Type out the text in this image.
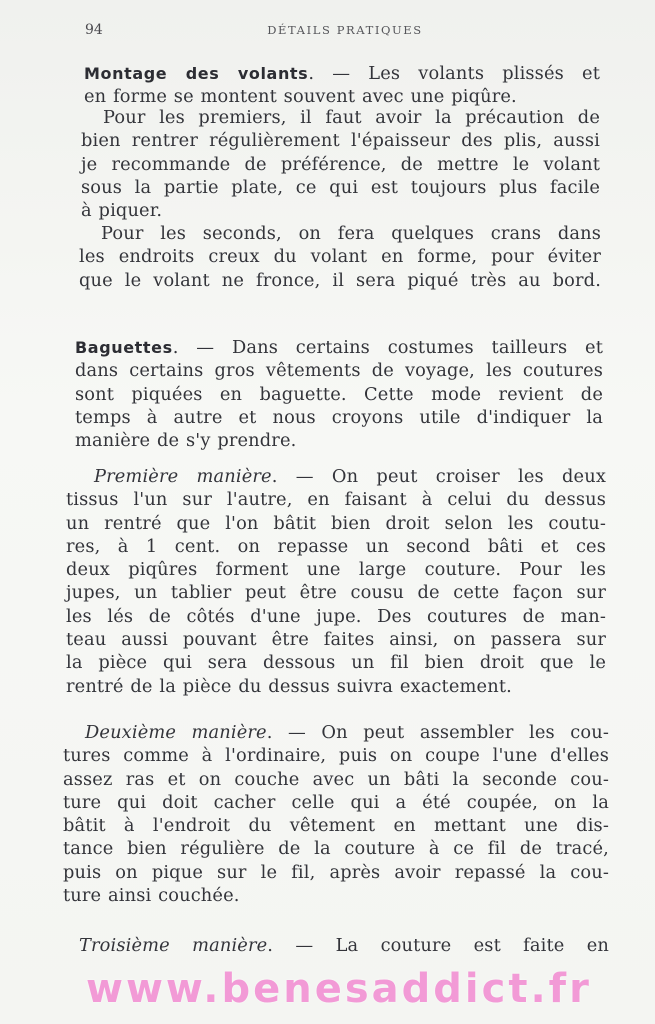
94	DÉTAILS PRATIQUES

Montage des volants. — Les volants plissés et
en forme se montent souvent avec une piqûre.

Pour les premiers, il faut avoir la précaution de
bien rentrer régulièrement l'épaisseur des plis, aussi
je recommande de préférence, de mettre le volant
sous la partie plate, ce qui est toujours plus facile
à piquer.

Pour les seconds, on fera quelques crans dans
les endroits creux du volant en forme, pour éviter
que le volant ne fronce, il sera piqué très au bord.

Baguettes. — Dans certains costumes tailleurs et
dans certains gros vêtements de voyage, les coutures
sont piquées en baguette. Cette mode revient de
temps à autre et nous croyons utile d'indiquer la
manière de s'y prendre.

Première manière. — On peut croiser les deux
tissus l'un sur l'autre, en faisant à celui du dessus
un rentré que l'on bâtit bien droit selon les coutu-
res, à 1 cent. on repasse un second bâti et ces
deux piqûres forment une large couture. Pour les
jupes, un tablier peut être cousu de cette façon sur
les lés de côtés d'une jupe. Des coutures de man-
teau aussi pouvant être faites ainsi, on passera sur
la pièce qui sera dessous un fil bien droit que le
rentré de la pièce du dessus suivra exactement.

Deuxième manière. — On peut assembler les cou-
tures comme à l'ordinaire, puis on coupe l'une d'elles
assez ras et on couche avec un bâti la seconde cou-
ture qui doit cacher celle qui a été coupée, on la
bâtit à l'endroit du vêtement en mettant une dis-
tance bien régulière de la couture à ce fil de tracé,
puis on pique sur le fil, après avoir repassé la cou-
ture ainsi couchée.

Troisième manière. — La couture est faite en

www.benesaddict.fr
